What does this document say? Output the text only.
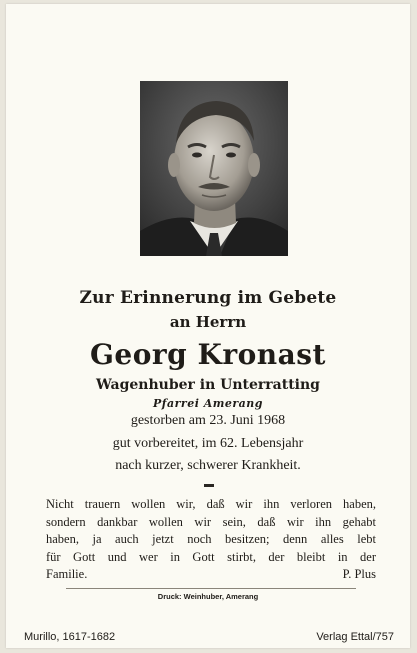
Zur Erinnerung im Gebete
an Herrn
Georg Kronast
Wagenhuber in Unterratting
Pfarrei Amerang
gestorben am 23. Juni 1968
gut vorbereitet, im 62. Lebensjahr
nach kurzer, schwerer Krankheit.
Nicht trauern wollen wir, daß wir ihn verloren haben,
sondern dankbar wollen wir sein, daß wir ihn gehabt
haben, ja auch jetzt noch besitzen; denn alles lebt
für Gott und wer in Gott stirbt, der bleibt in der
Familie.	P. Plus
Druck: Weinhuber, Amerang
Murillo, 1617-1682	Verlag Ettal/757
